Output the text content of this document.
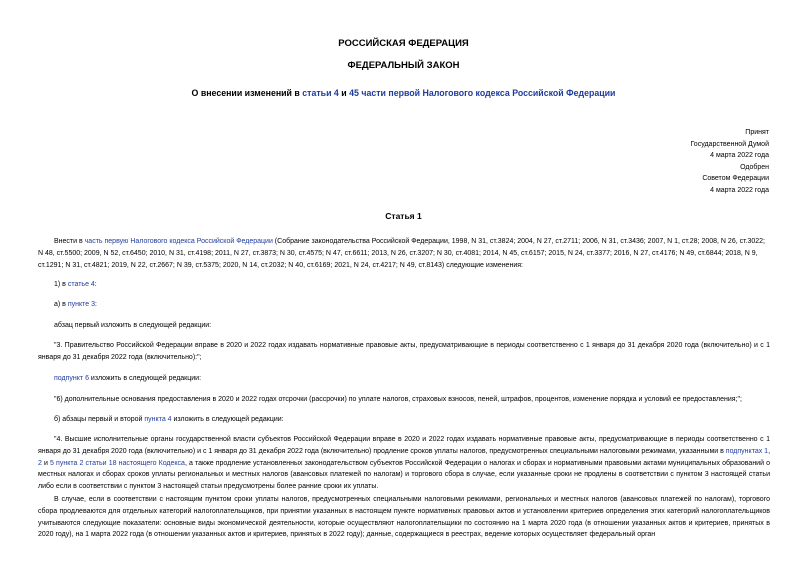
РОССИЙСКАЯ ФЕДЕРАЦИЯ
ФЕДЕРАЛЬНЫЙ ЗАКОН
О внесении изменений в статьи 4 и 45 части первой Налогового кодекса Российской Федерации
Принят
Государственной Думой
4 марта 2022 года
Одобрен
Советом Федерации
4 марта 2022 года
Статья 1
Внести в часть первую Налогового кодекса Российской Федерации (Собрание законодательства Российской Федерации, 1998, N 31, ст.3824; 2004, N 27, ст.2711; 2006, N 31, ст.3436; 2007, N 1, ст.28; 2008, N 26, ст.3022; N 48, ст.5500; 2009, N 52, ст.6450; 2010, N 31, ст.4198; 2011, N 27, ст.3873; N 30, ст.4575; N 47, ст.6611; 2013, N 26, ст.3207; N 30, ст.4081; 2014, N 45, ст.6157; 2015, N 24, ст.3377; 2016, N 27, ст.4176; N 49, ст.6844; 2018, N 9, ст.1291; N 31, ст.4821; 2019, N 22, ст.2667; N 39, ст.5375; 2020, N 14, ст.2032; N 40, ст.6169; 2021, N 24, ст.4217; N 49, ст.8143) следующие изменения:
1) в статье 4:
а) в пункте 3:
абзац первый изложить в следующей редакции:
"3. Правительство Российской Федерации вправе в 2020 и 2022 годах издавать нормативные правовые акты, предусматривающие в периоды соответственно с 1 января до 31 декабря 2020 года (включительно) и с 1 января до 31 декабря 2022 года (включительно):";
подпункт 6 изложить в следующей редакции:
"6) дополнительные основания предоставления в 2020 и 2022 годах отсрочки (рассрочки) по уплате налогов, страховых взносов, пеней, штрафов, процентов, изменение порядка и условий ее предоставления;";
б) абзацы первый и второй пункта 4 изложить в следующей редакции:
"4. Высшие исполнительные органы государственной власти субъектов Российской Федерации вправе в 2020 и 2022 годах издавать нормативные правовые акты, предусматривающие в периоды соответственно с 1 января до 31 декабря 2020 года (включительно) и с 1 января до 31 декабря 2022 года (включительно) продление сроков уплаты налогов, предусмотренных специальными налоговыми режимами, указанными в подпунктах 1, 2 и 5 пункта 2 статьи 18 настоящего Кодекса, а также продление установленных законодательством субъектов Российской Федерации о налогах и сборах и нормативными правовыми актами муниципальных образований о местных налогах и сборах сроков уплаты региональных и местных налогов (авансовых платежей по налогам) и торгового сбора в случае, если указанные сроки не продлены в соответствии с пунктом 3 настоящей статьи либо если в соответствии с пунктом 3 настоящей статьи предусмотрены более ранние сроки их уплаты.
В случае, если в соответствии с настоящим пунктом сроки уплаты налогов, предусмотренных специальными налоговыми режимами, региональных и местных налогов (авансовых платежей по налогам), торгового сбора продлеваются для отдельных категорий налогоплательщиков, при принятии указанных в настоящем пункте нормативных правовых актов и установлении критериев определения этих категорий налогоплательщиков учитываются следующие показатели: основные виды экономической деятельности, которые осуществляют налогоплательщики по состоянию на 1 марта 2020 года (в отношении указанных актов и критериев, принятых в 2020 году), на 1 марта 2022 года (в отношении указанных актов и критериев, принятых в 2022 году); данные, содержащиеся в реестрах, ведение которых осуществляет федеральный орган
